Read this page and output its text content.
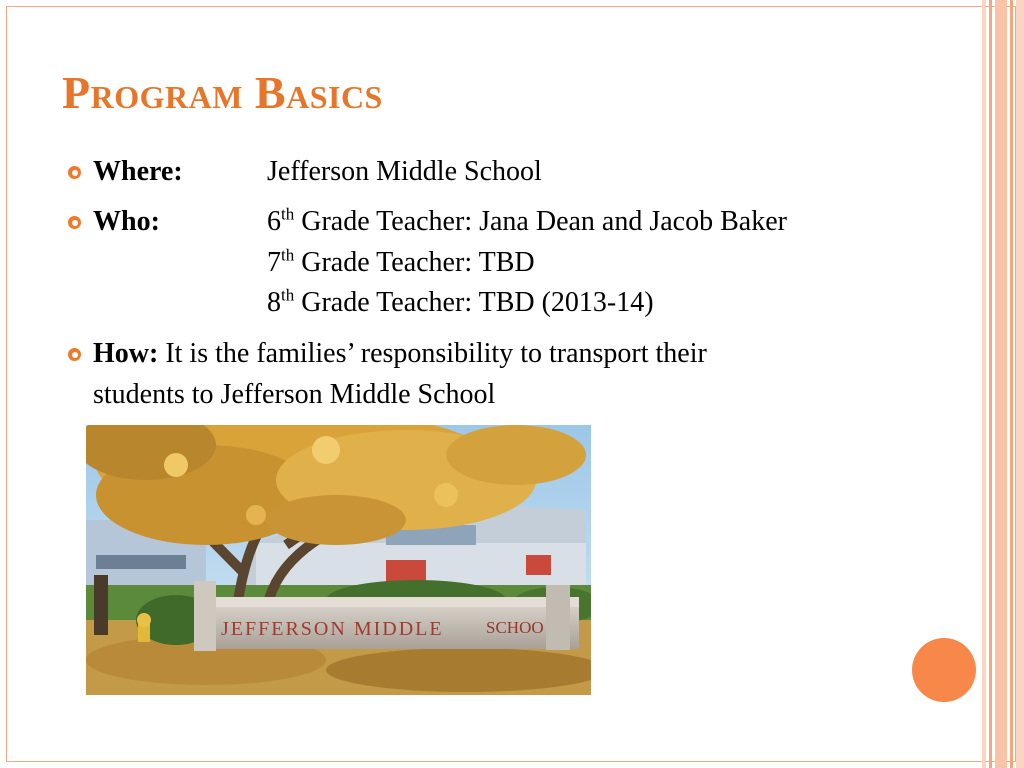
Program Basics
Where:	Jefferson Middle School
Who:	6th Grade Teacher: Jana Dean and Jacob Baker
7th Grade Teacher: TBD
8th Grade Teacher: TBD (2013-14)
How: It is the families’ responsibility to transport their
students to Jefferson Middle School
JEFFERSON MIDDLE SCHOO
